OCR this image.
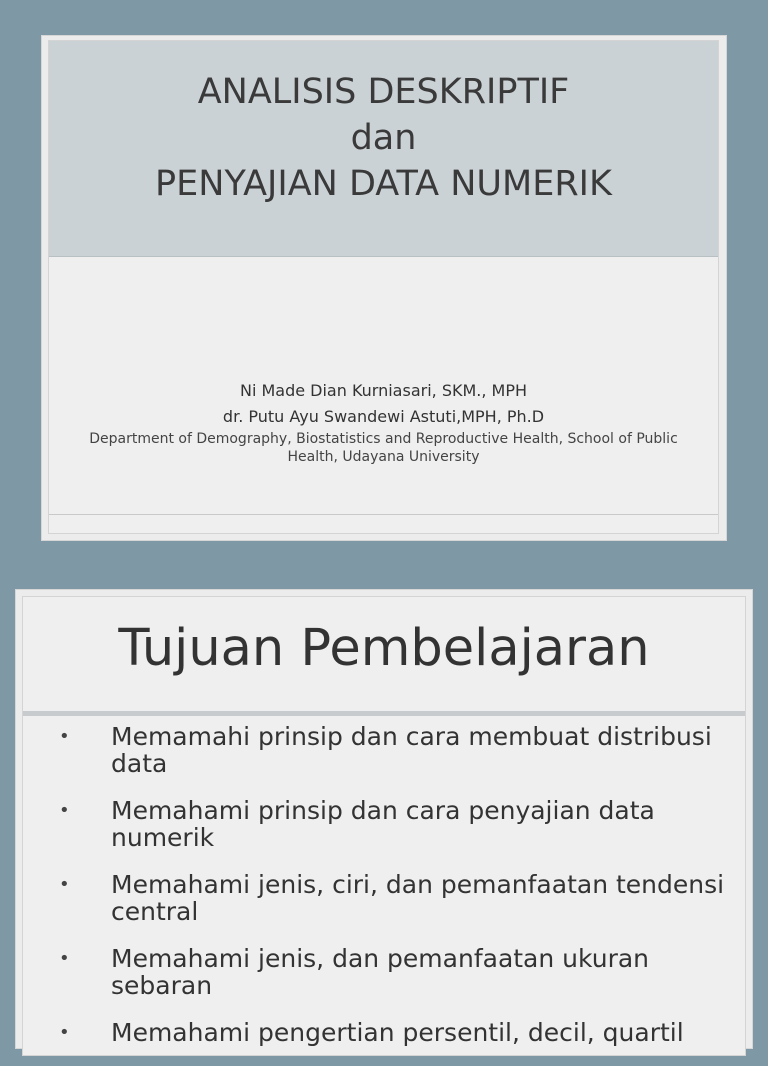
ANALISIS DESKRIPTIF
dan
PENYAJIAN DATA NUMERIK
Ni Made Dian Kurniasari, SKM., MPH
dr. Putu Ayu Swandewi Astuti,MPH, Ph.D
Department of Demography, Biostatistics and Reproductive Health, School of Public Health, Udayana University
Tujuan Pembelajaran
• Memamahi prinsip dan cara membuat distribusi data
• Memahami prinsip dan cara penyajian data numerik
• Memahami jenis, ciri, dan pemanfaatan tendensi central
• Memahami jenis, dan pemanfaatan ukuran sebaran
• Memahami pengertian persentil, decil, quartil
